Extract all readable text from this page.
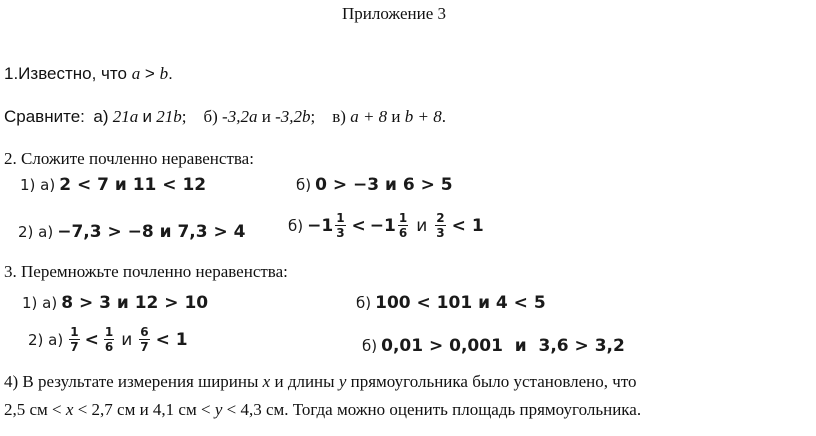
Приложение 3
1.Известно, что a > b.
Сравните: а) 21a и 21b; б) -3,2a и -3,2b; в) a + 8 и b + 8.
2. Сложите почленно неравенства:
1) а) 2 < 7 и 11 < 12	б) 0 > −3 и 6 > 5
2) а) −7,3 > −8 и 7,3 > 4	$б) -1 \frac{1}{3} < -1 \frac{1}{6}$ и $\frac{2}{3} < 1$
3. Перемножьте почленно неравенства:
1) а) 8 > 3 и 12 > 10	б) 100 < 101 и 4 < 5
2) $а) \frac{1}{7} < \frac{1}{6}$ и $\frac{6}{7} < 1$	б) 0,01 > 0,001  и  3,6 > 3,2
4) В результате измерения ширины x и длины y прямоугольника было установлено, что
2,5 см < x < 2,7 см и 4,1 см < y < 4,3 см. Тогда можно оценить площадь прямоугольника.
